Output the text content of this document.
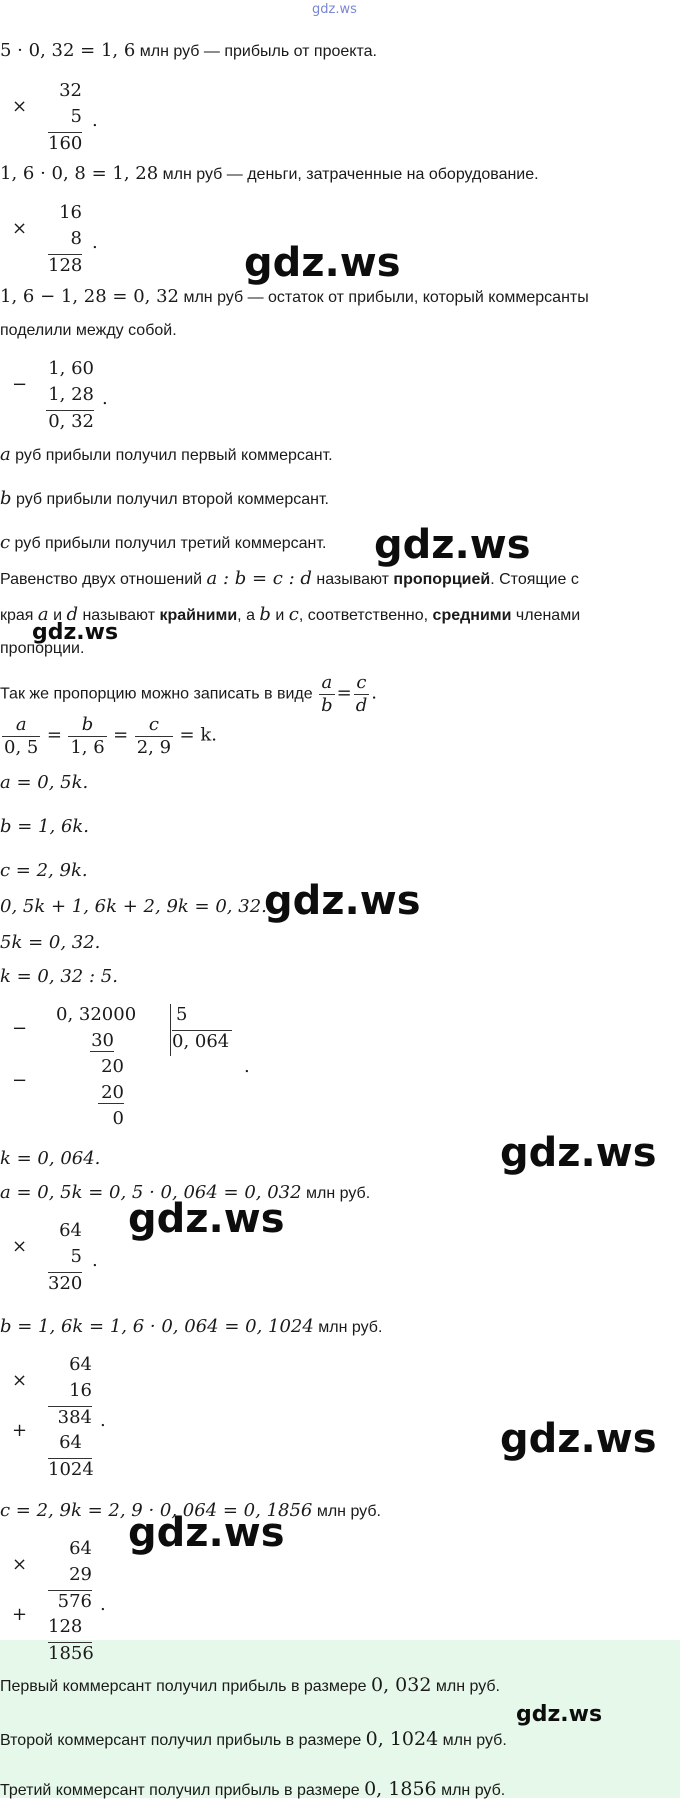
gdz.ws
5 · 0, 32 = 1, 6 млн руб — прибыль от проекта.
×
32
5
160
.
1, 6 · 0, 8 = 1, 28 млн руб — деньги, затраченные на оборудование.
×
16
8
128
.	gdz.ws
1, 6 − 1, 28 = 0, 32 млн руб — остаток от прибыли, который коммерсанты
поделили между собой.
−
1, 60
1, 28
0, 32
.
a руб прибыли получил первый коммерсант.
b руб прибыли получил второй коммерсант.
c руб прибыли получил третий коммерсант. gdz.ws
Равенство двух отношений a : b = c : d называют пропорцией. Стоящие с
края a и d называют крайними, а b и c, соответственно, средними членами
пропорции.
gdz.ws
Так же пропорцию можно записать в виде $\frac{a}{b} = \frac{c}{d}$ .
$\frac{a}{0, 5} = \frac{b}{1, 6} = \frac{c}{2, 9} = k$.
a = 0, 5k.
b = 1, 6k.
c = 2, 9k.
0, 5k + 1, 6k + 2, 9k = 0, 32.
gdz.ws
5k = 0, 32.
k = 0, 32 : 5.
−
−
0, 32000
30
20
20
0
5
0, 064
.
k = 0, 064.	gdz.ws
a = 0, 5k = 0, 5 · 0, 064 = 0, 032 млн руб.
×
64
5
320
.
gdz.ws
b = 1, 6k = 1, 6 · 0, 064 = 0, 1024 млн руб.
×
+
64
16
384
64
1024
.	gdz.ws
c = 2, 9k = 2, 9 · 0, 064 = 0, 1856 млн руб.
gdz.ws
×
+
64
29
576
128
1856
.
Первый коммерсант получил прибыль в размере 0, 032 млн руб.
Второй коммерсант получил прибыль в размере 0, 1024 млн руб.
Третий коммерсант получил прибыль в размере 0, 1856 млн руб.
gdz.ws
